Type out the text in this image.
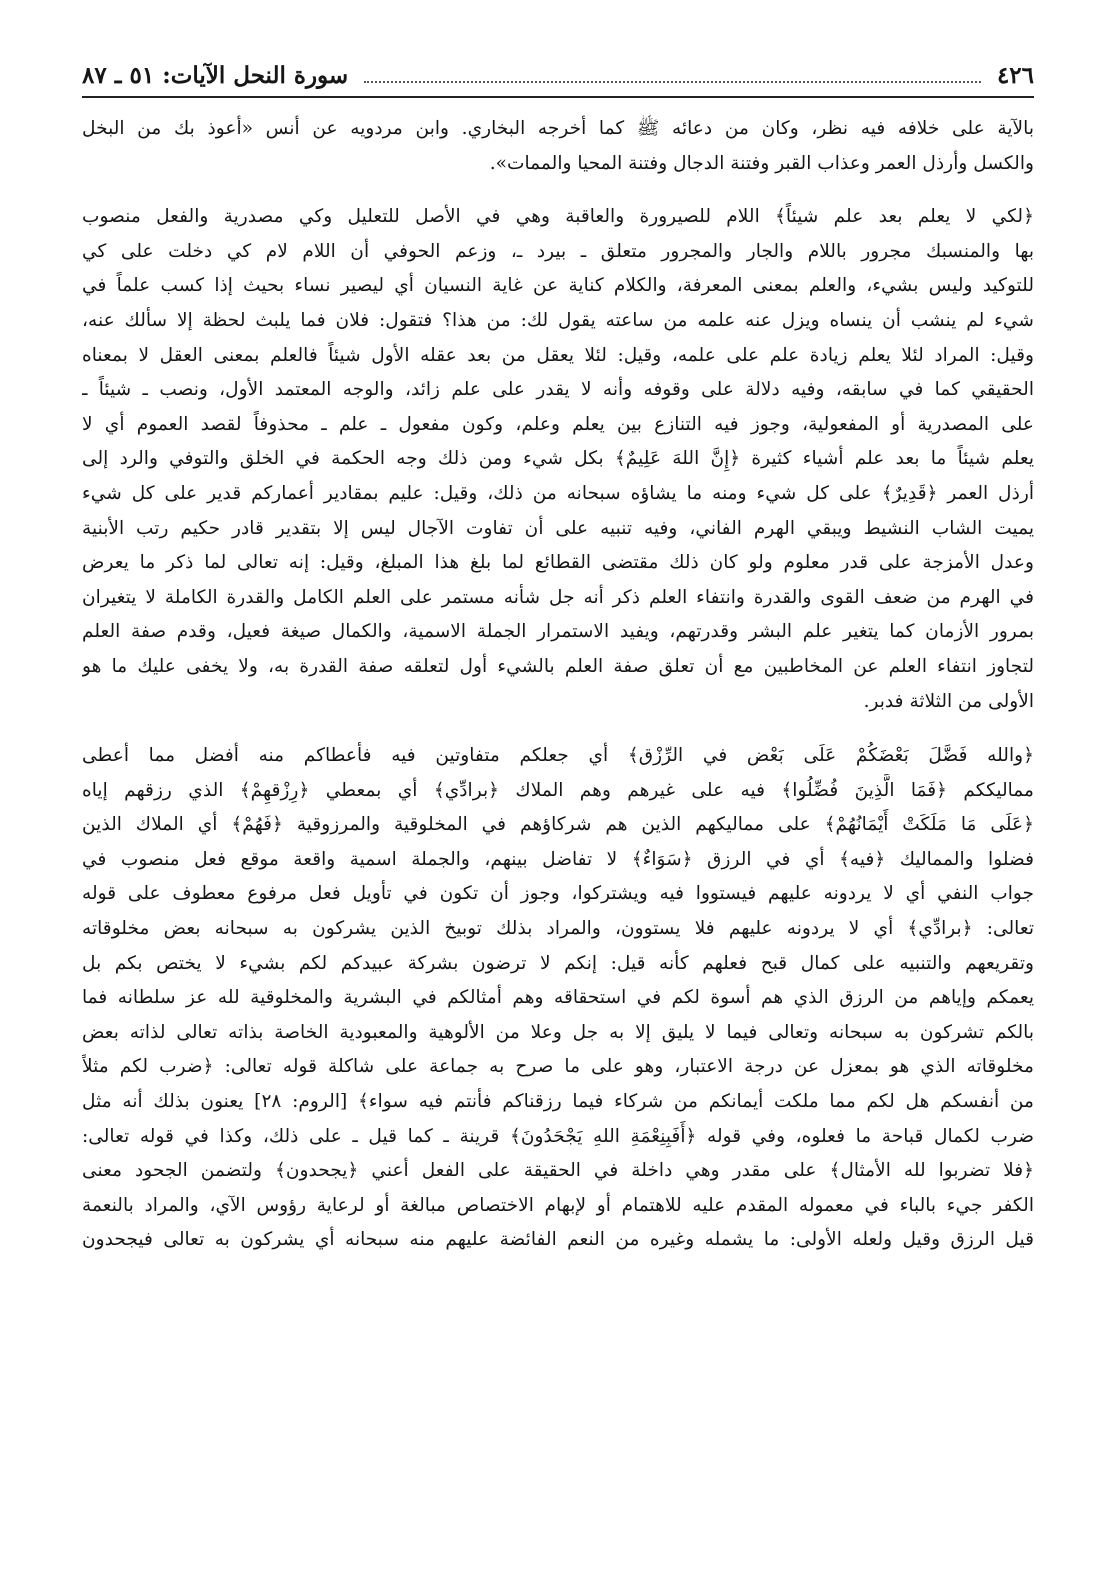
٤٢٦
سورة النحل الآيات: ٥١ ـ ٨٧

بالآية على خلافه فيه نظر، وكان من دعائه ﷺ كما أخرجه البخاري. وابن مردويه عن أنس «أعوذ بك من البخل
والكسل وأرذل العمر وعذاب القبر وفتنة الدجال وفتنة المحيا والممات».

﴿لكي لا يعلم بعد علم شيئاً﴾ اللام للصيرورة والعاقبة وهي في الأصل للتعليل وكي مصدرية والفعل منصوب
بها والمنسبك مجرور باللام والجار والمجرور متعلق ـ بيرد ـ، وزعم الحوفي أن اللام لام كي دخلت على كي
للتوكيد وليس بشيء، والعلم بمعنى المعرفة، والكلام كناية عن غاية النسيان أي ليصير نساء بحيث إذا كسب علماً في
شيء لم ينشب أن ينساه ويزل عنه علمه من ساعته يقول لك: من هذا؟ فتقول: فلان فما يلبث لحظة إلا سألك عنه،
وقيل: المراد لئلا يعلم زيادة علم على علمه، وقيل: لئلا يعقل من بعد عقله الأول شيئاً فالعلم بمعنى العقل لا بمعناه
الحقيقي كما في سابقه، وفيه دلالة على وقوفه وأنه لا يقدر على علم زائد، والوجه المعتمد الأول، ونصب ـ شيئاً ـ
على المصدرية أو المفعولية، وجوز فيه التنازع بين يعلم وعلم، وكون مفعول ـ علم ـ محذوفاً لقصد العموم أي لا
يعلم شيئاً ما بعد علم أشياء كثيرة ﴿إِنَّ اللهَ عَلِيمٌ﴾ بكل شيء ومن ذلك وجه الحكمة في الخلق والتوفي والرد إلى
أرذل العمر ﴿قَدِيرٌ﴾ على كل شيء ومنه ما يشاؤه سبحانه من ذلك، وقيل: عليم بمقادير أعماركم قدير على كل شيء
يميت الشاب النشيط ويبقي الهرم الفاني، وفيه تنبيه على أن تفاوت الآجال ليس إلا بتقدير قادر حكيم رتب الأبنية
وعدل الأمزجة على قدر معلوم ولو كان ذلك مقتضى القطائع لما بلغ هذا المبلغ، وقيل: إنه تعالى لما ذكر ما يعرض
في الهرم من ضعف القوى والقدرة وانتفاء العلم ذكر أنه جل شأنه مستمر على العلم الكامل والقدرة الكاملة لا يتغيران
بمرور الأزمان كما يتغير علم البشر وقدرتهم، ويفيد الاستمرار الجملة الاسمية، والكمال صيغة فعيل، وقدم صفة العلم
لتجاوز انتفاء العلم عن المخاطبين مع أن تعلق صفة العلم بالشيء أول لتعلقه صفة القدرة به، ولا يخفى عليك ما هو
الأولى من الثلاثة فدبر.

﴿والله فَضَّلَ بَعْضَكُمْ عَلَى بَعْض في الرِّزْق﴾ أي جعلكم متفاوتين فيه فأعطاكم منه أفضل مما أعطى
مماليككم ﴿فَمَا الَّذِينَ فُضِّلُوا﴾ فيه على غيرهم وهم الملاك ﴿برادِّي﴾ أي بمعطي ﴿رِزْقهِمْ﴾ الذي رزقهم إياه
﴿عَلَى مَا مَلَكَتْ أَيْمَانُهُمْ﴾ على مماليكهم الذين هم شركاؤهم في المخلوقية والمرزوقية ﴿فَهُمْ﴾ أي الملاك الذين
فضلوا والمماليك ﴿فيه﴾ أي في الرزق ﴿سَوَاءٌ﴾ لا تفاضل بينهم، والجملة اسمية واقعة موقع فعل منصوب في
جواب النفي أي لا يردونه عليهم فيستووا فيه ويشتركوا، وجوز أن تكون في تأويل فعل مرفوع معطوف على قوله
تعالى: ﴿برادِّي﴾ أي لا يردونه عليهم فلا يستوون، والمراد بذلك توبيخ الذين يشركون به سبحانه بعض مخلوقاته
وتقريعهم والتنبيه على كمال قبح فعلهم كأنه قيل: إنكم لا ترضون بشركة عبيدكم لكم بشيء لا يختص بكم بل
يعمكم وإياهم من الرزق الذي هم أسوة لكم في استحقاقه وهم أمثالكم في البشرية والمخلوقية لله عز سلطانه فما
بالكم تشركون به سبحانه وتعالى فيما لا يليق إلا به جل وعلا من الألوهية والمعبودية الخاصة بذاته تعالى لذاته بعض
مخلوقاته الذي هو بمعزل عن درجة الاعتبار، وهو على ما صرح به جماعة على شاكلة قوله تعالى: ﴿ضرب لكم مثلاً
من أنفسكم هل لكم مما ملكت أيمانكم من شركاء فيما رزقناكم فأنتم فيه سواء﴾ [الروم: ٢٨] يعنون بذلك أنه مثل
ضرب لكمال قباحة ما فعلوه، وفي قوله ﴿أَفَبِنِعْمَةِ اللهِ يَجْحَدُونَ﴾ قرينة ـ كما قيل ـ على ذلك، وكذا في قوله تعالى:
﴿فلا تضربوا لله الأمثال﴾ على مقدر وهي داخلة في الحقيقة على الفعل أعني ﴿يجحدون﴾ ولتضمن الجحود معنى
الكفر جيء بالباء في معموله المقدم عليه للاهتمام أو لإبهام الاختصاص مبالغة أو لرعاية رؤوس الآي، والمراد بالنعمة
قيل الرزق وقيل ولعله الأولى: ما يشمله وغيره من النعم الفائضة عليهم منه سبحانه أي يشركون به تعالى فيجحدون
